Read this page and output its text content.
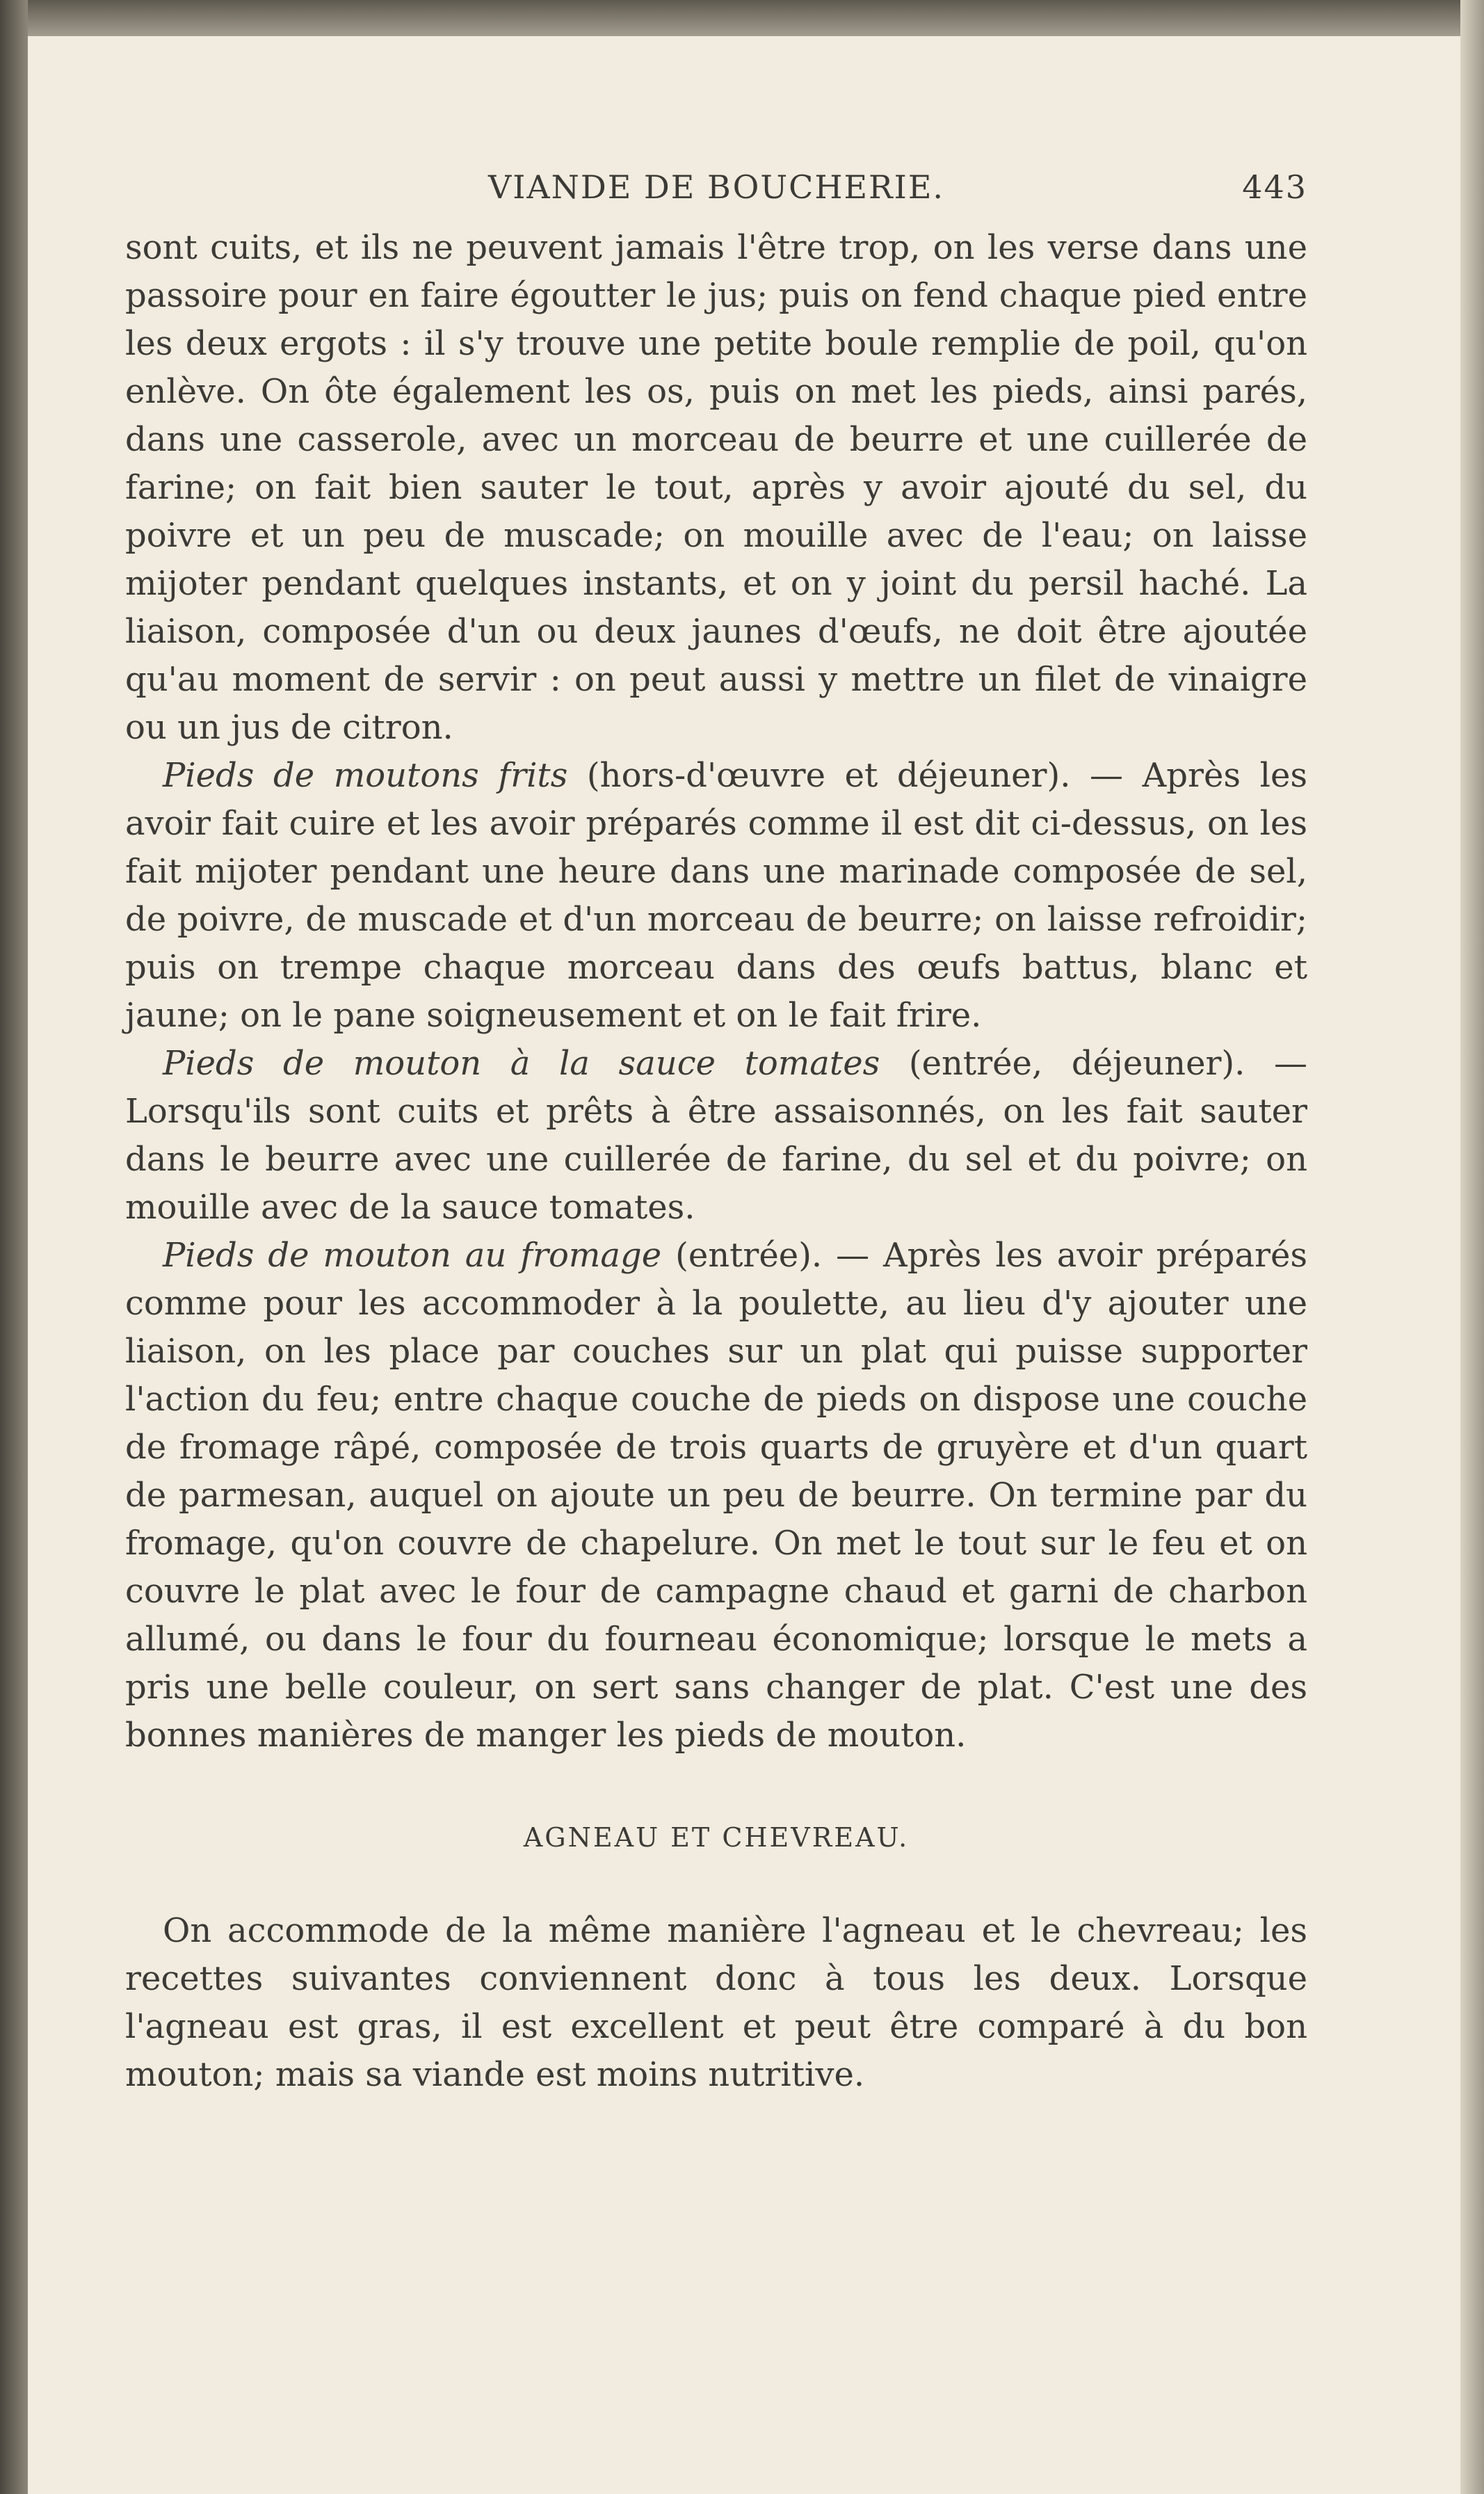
VIANDE DE BOUCHERIE.	443

sont cuits, et ils ne peuvent jamais l'être trop, on les verse dans une passoire pour en faire égoutter le jus; puis on fend chaque pied entre les deux ergots : il s'y trouve une petite boule remplie de poil, qu'on enlève. On ôte également les os, puis on met les pieds, ainsi parés, dans une casserole, avec un morceau de beurre et une cuillerée de farine; on fait bien sauter le tout, après y avoir ajouté du sel, du poivre et un peu de muscade; on mouille avec de l'eau; on laisse mijoter pendant quelques instants, et on y joint du persil haché. La liaison, composée d'un ou deux jaunes d'œufs, ne doit être ajoutée qu'au moment de servir : on peut aussi y mettre un filet de vinaigre ou un jus de citron.

Pieds de moutons frits (hors-d'œuvre et déjeuner). — Après les avoir fait cuire et les avoir préparés comme il est dit ci-dessus, on les fait mijoter pendant une heure dans une marinade composée de sel, de poivre, de muscade et d'un morceau de beurre; on laisse refroidir; puis on trempe chaque morceau dans des œufs battus, blanc et jaune; on le pane soigneusement et on le fait frire.

Pieds de mouton à la sauce tomates (entrée, déjeuner). — Lorsqu'ils sont cuits et prêts à être assaisonnés, on les fait sauter dans le beurre avec une cuillerée de farine, du sel et du poivre; on mouille avec de la sauce tomates.

Pieds de mouton au fromage (entrée). — Après les avoir préparés comme pour les accommoder à la poulette, au lieu d'y ajouter une liaison, on les place par couches sur un plat qui puisse supporter l'action du feu; entre chaque couche de pieds on dispose une couche de fromage râpé, composée de trois quarts de gruyère et d'un quart de parmesan, auquel on ajoute un peu de beurre. On termine par du fromage, qu'on couvre de chapelure. On met le tout sur le feu et on couvre le plat avec le four de campagne chaud et garni de charbon allumé, ou dans le four du fourneau économique; lorsque le mets a pris une belle couleur, on sert sans changer de plat. C'est une des bonnes manières de manger les pieds de mouton.

AGNEAU ET CHEVREAU.

On accommode de la même manière l'agneau et le chevreau; les recettes suivantes conviennent donc à tous les deux. Lorsque l'agneau est gras, il est excellent et peut être comparé à du bon mouton; mais sa viande est moins nutritive.
